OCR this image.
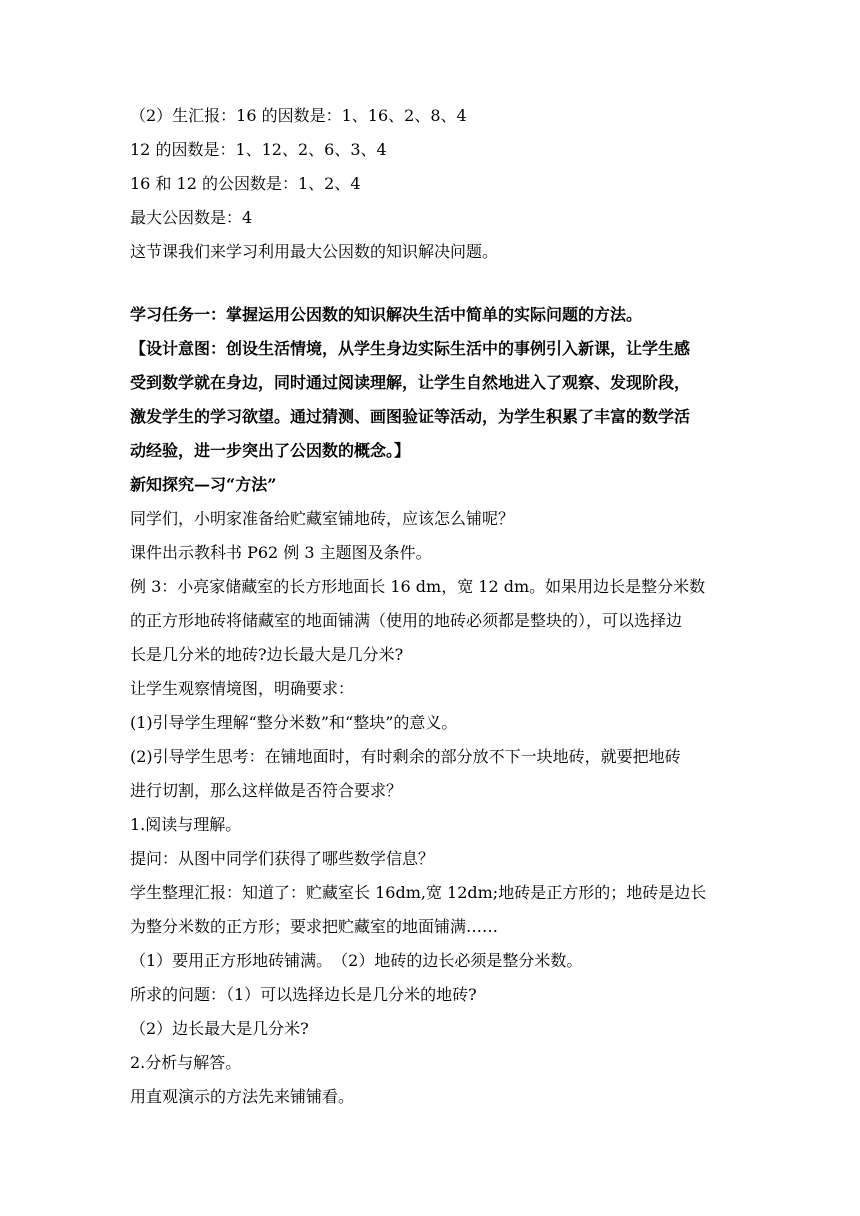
（2）生汇报：16 的因数是：1、16、2、8、4
12 的因数是：1、12、2、6、3、4
16 和 12 的公因数是：1、2、4
最大公因数是：4
这节课我们来学习利用最大公因数的知识解决问题。
学习任务一：掌握运用公因数的知识解决生活中简单的实际问题的方法。
【设计意图：创设生活情境，从学生身边实际生活中的事例引入新课，让学生感
受到数学就在身边，同时通过阅读理解，让学生自然地进入了观察、发现阶段，
激发学生的学习欲望。通过猜测、画图验证等活动，为学生积累了丰富的数学活
动经验，进一步突出了公因数的概念。】
新知探究—习“方法”
同学们，小明家准备给贮藏室铺地砖，应该怎么铺呢？
课件出示教科书 P62 例 3 主题图及条件。
例 3：小亮家储藏室的长方形地面长 16 dm，宽 12 dm。如果用边长是整分米数
的正方形地砖将储藏室的地面铺满（使用的地砖必须都是整块的），可以选择边
长是几分米的地砖?边长最大是几分米?
让学生观察情境图，明确要求：
(1)引导学生理解“整分米数”和“整块”的意义。
(2)引导学生思考：在铺地面时，有时剩余的部分放不下一块地砖，就要把地砖
进行切割，那么这样做是否符合要求？
1.阅读与理解。
提问：从图中同学们获得了哪些数学信息？
学生整理汇报：知道了：贮藏室长 16dm,宽 12dm;地砖是正方形的；地砖是边长
为整分米数的正方形；要求把贮藏室的地面铺满……
（1）要用正方形地砖铺满。　（2）地砖的边长必须是整分米数。
所求的问题：（1）可以选择边长是几分米的地砖?
（2）边长最大是几分米?
2.分析与解答。
用直观演示的方法先来铺铺看。
